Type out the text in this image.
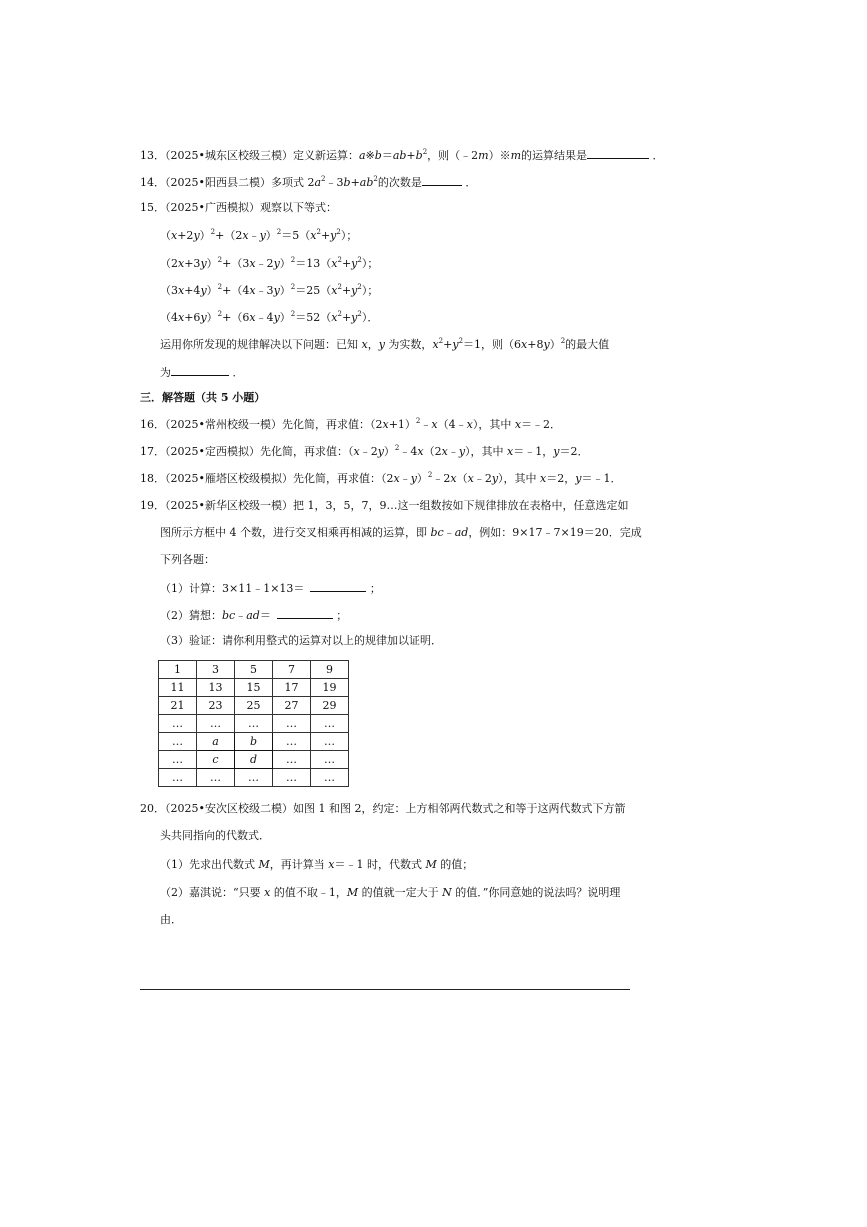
13．（2025•城东区校级三模）定义新运算：$a※b=ab+b^2$，则（﹣2m）※m的运算结果是	．
14．（2025•阳西县二模）多项式 $2a^2﹣3b+ab^2$的次数是	．
15．（2025•广西模拟）观察以下等式：
$(x+2y)^2+(2x﹣y)^2=5(x^2+y^2)$；
$(2x+3y)^2+(3x﹣2y)^2=13(x^2+y^2)$；
$(3x+4y)^2+(4x﹣3y)^2=25(x^2+y^2)$；
$(4x+6y)^2+(6x﹣4y)^2=52(x^2+y^2)$．
运用你所发现的规律解决以下问题：已知 x，y 为实数，$x^2+y^2=1$，则$(6x+8y)^2$的最大值
为	．
三．解答题（共 5 小题）
16．（2025•常州校级一模）先化简，再求值：$(2x+1)^2﹣x(4﹣x)$，其中 x＝﹣2．
17．（2025•定西模拟）先化简，再求值：（x﹣2y）$^2$﹣4x（2x﹣y），其中 x＝﹣1，y＝2．
18．（2025•雁塔区校级模拟）先化简，再求值：（2x﹣y）$^2$﹣2x（x﹣2y），其中 x＝2，y＝﹣1．
19．（2025•新华区校级一模）把 1，3，5，7，9…这一组数按如下规律排放在表格中，任意选定如
图所示方框中 4 个数，进行交叉相乘再相减的运算，即 bc﹣ad，例如：9×17﹣7×19＝20．完成
下列各题：
（1）计算：3×11﹣1×13＝	；
（2）猜想：bc﹣ad＝	；
（3）验证：请你利用整式的运算对以上的规律加以证明．
1	3	5	7	9
11	13	15	17	19
21	23	25	27	29
…	…	…	…	…
…	a	b	…	…
…	c	d	…	…
…	…	…	…	…
20．（2025•安次区校级二模）如图 1 和图 2，约定：上方相邻两代数式之和等于这两代数式下方箭
头共同指向的代数式．
（1）先求出代数式 M，再计算当 x＝﹣1 时，代数式 M 的值；
（2）嘉淇说：“只要 x 的值不取﹣1，M 的值就一定大于 N 的值．”你同意她的说法吗？说明理
由．
